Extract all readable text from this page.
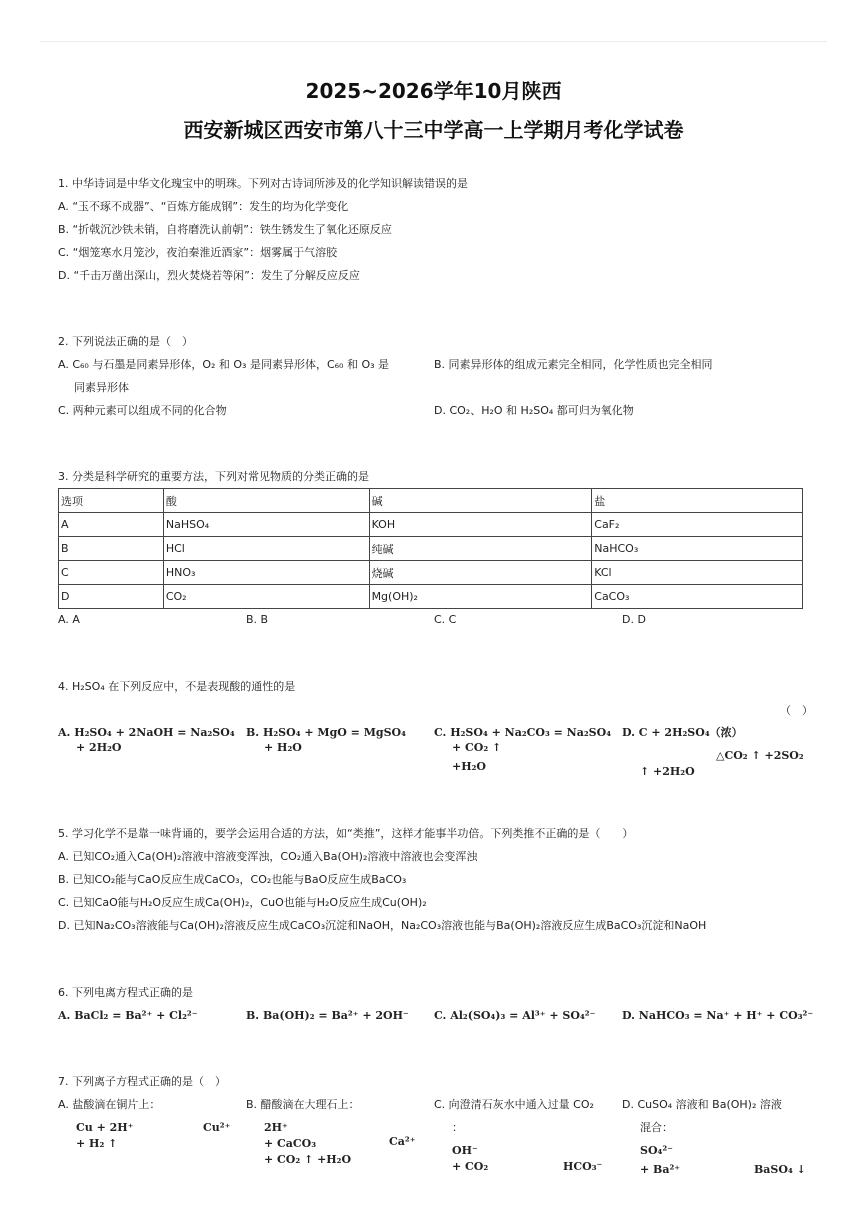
2025~2026学年10月陕西
西安新城区西安市第八十三中学高一上学期月考化学试卷
1. 中华诗词是中华文化瑰宝中的明珠。下列对古诗词所涉及的化学知识解读错误的是
A. “玉不琢不成器”、“百炼方能成钢”：发生的均为化学变化
B. “折戟沉沙铁未销，自将磨洗认前朝”：铁生锈发生了氧化还原反应
C. “烟笼寒水月笼沙，夜泊秦淮近酒家”：烟雾属于气溶胶
D. “千击万凿出深山，烈火焚烧若等闲”：发生了分解反应反应
2. 下列说法正确的是（　）
A. C₆₀ 与石墨是同素异形体，O₂ 和 O₃ 是同素异形体，C₆₀ 和 O₃ 是
同素异形体
B. 同素异形体的组成元素完全相同，化学性质也完全相同
C. 两种元素可以组成不同的化合物	D. CO₂、H₂O 和 H₂SO₄ 都可归为氧化物
3. 分类是科学研究的重要方法，下列对常见物质的分类正确的是
选项	酸	碱	盐
A	NaHSO₄	KOH	CaF₂
B	HCl	纯碱	NaHCO₃
C	HNO₃	烧碱	KCl
D	CO₂	Mg(OH)₂	CaCO₃
A. A	B. B	C. C	D. D
4. H₂SO₄ 在下列反应中，不是表现酸的通性的是
（　）
A. H₂SO₄ + 2NaOH = Na₂SO₄
+ 2H₂O
B. H₂SO₄ + MgO = MgSO₄
+ H₂O
C. H₂SO₄ + Na₂CO₃ = Na₂SO₄
+ CO₂ ↑
+H₂O
D. C + 2H₂SO₄（浓）
△CO₂ ↑ +2SO₂
↑ +2H₂O
5. 学习化学不是靠一味背诵的，要学会运用合适的方法，如“类推”，这样才能事半功倍。下列类推不正确的是（　　）
A. 已知CO₂通入Ca(OH)₂溶液中溶液变浑浊，CO₂通入Ba(OH)₂溶液中溶液也会变浑浊
B. 已知CO₂能与CaO反应生成CaCO₃，CO₂也能与BaO反应生成BaCO₃
C. 已知CaO能与H₂O反应生成Ca(OH)₂，CuO也能与H₂O反应生成Cu(OH)₂
D. 已知Na₂CO₃溶液能与Ca(OH)₂溶液反应生成CaCO₃沉淀和NaOH，Na₂CO₃溶液也能与Ba(OH)₂溶液反应生成BaCO₃沉淀和NaOH
6. 下列电离方程式正确的是
A. BaCl₂ = Ba²⁺ + Cl₂²⁻	B. Ba(OH)₂ = Ba²⁺ + 2OH⁻ C. Al₂(SO₄)₃ = Al³⁺ + SO₄²⁻ D. NaHCO₃ = Na⁺ + H⁺ + CO₃²⁻
7. 下列离子方程式正确的是（　）
A. 盐酸滴在铜片上：
Cu + 2H⁺	Cu²⁺
+ H₂ ↑
B. 醋酸滴在大理石上：
2H⁺
+ CaCO₃	Ca²⁺
+ CO₂ ↑ +H₂O
C. 向澄清石灰水中通入过量 CO₂
：
OH⁻
+ CO₂	HCO₃⁻
D. CuSO₄ 溶液和 Ba(OH)₂ 溶液
混合：
SO₄²⁻
+ Ba²⁺	BaSO₄ ↓
